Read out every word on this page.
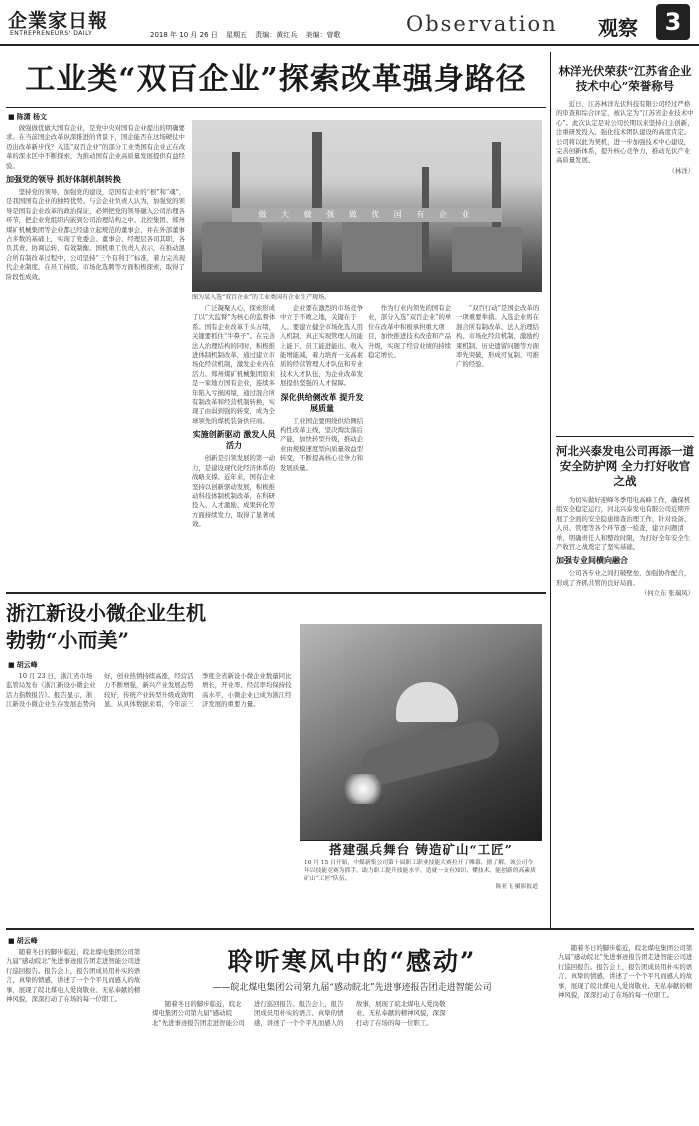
企業家日報
ENTREPRENEURS' DAILY	2018 年 10 月 26 日 星期五 责编：黄红兵 美编：曾歌	Observation 观察	3
工业类“双百企业”探索改革强身路径
■ 陈潇 杨文

做强做优做大国有企业，是党中央对国有企业提出的明确要求。在当前国企改革纵深推进的背景下，国企能否在这场硬仗中迈出改革新步伐？入选“双百企业”的部分工业类国有企业正在改革的深水区中不断探索，为推动国有企业高质量发展提供有益经验。

加强党的领导 抓好体制机制转换

坚持党的领导、加强党的建设，是国有企业的“根”和“魂”，是我国国有企业的独特优势。与会企业负责人认为，加强党的领导是国有企业改革的政治保证，必须把党的领导融入公司治理各环节，把企业党组织内嵌到公司治理结构之中。北控集团、郑州煤矿机械集团等企业都已经建立起规范的董事会，并在外部董事占多数的基础上，实现了党委会、董事会、经理层各司其职、各负其责、协调运转、有效制衡。国机重工负责人表示，在推动混合所有制改革过程中，公司坚持“三个有利于”标准，着力完善现代企业制度，在员工持股、市场化选聘等方面积极探索，取得了阶段性成效。

做 大 做 强 做 优 国 有 企 业
图为某入选“双百企业”的工业类国有企业生产现场。

广泛凝聚人心，探索形成了以“大监督”为核心的监督体系。国有企业改革千头万绪，关键要抓住“牛鼻子”。在完善法人治理结构的同时，积极推进体制机制改革，通过建立市场化经营机制，激发企业内在活力。郑州煤矿机械集团原来是一家地方国有企业，连续多年陷入亏损困境，通过混合所有制改革和经营机制转换，实现了由弱到强的转变，成为全球领先的煤机装备供应商。

实施创新驱动 激发人员活力

创新是引领发展的第一动力，是建设现代化经济体系的战略支撑。近年来，国有企业坚持以创新驱动发展，积极推动科技体制机制改革，在科研投入、人才激励、成果转化等方面持续发力，取得了显著成效。

企业要在激烈的市场竞争中立于不败之地，关键在于人。要建立健全市场化选人用人机制，真正实现管理人员能上能下、员工能进能出、收入能增能减，着力培育一支高素质的经营管理人才队伍和专业技术人才队伍，为企业改革发展提供坚强的人才保障。

深化供给侧改革 提升发展质量

工业国企要围绕供给侧结构性改革主线，坚决淘汰落后产能，加快转型升级，推动企业由规模速度型向质量效益型转变，不断提高核心竞争力和发展质量。

作为行业内领先的国有企业，部分入选“双百企业”的单位在改革中积极承担重大项目，加快推进技术改造和产品升级，实现了经营业绩的持续稳定增长。

“双百行动”是国企改革的一项重要举措。入选企业将在混合所有制改革、法人治理结构、市场化经营机制、激励约束机制、历史遗留问题等方面率先突破，形成可复制、可推广的经验。

林洋光伏荣获“江苏省企业技术中心”荣誉称号

近日，江苏林洋光伏科技有限公司经过严格的审查和综合评定，被认定为“江苏省企业技术中心”。此次认定是对公司长期以来坚持自主创新、注重研发投入、强化技术团队建设的高度肯定。公司将以此为契机，进一步加强技术中心建设，完善创新体系，提升核心竞争力，推动光伏产业高质量发展。

（林洋）

河北兴泰发电公司再添一道安全防护网 全力打好收官之战

为切实做好迎峰冬季用电高峰工作，确保机组安全稳定运行，河北兴泰发电有限公司近期开展了全面的安全隐患排查治理工作，针对设备、人员、管理等各个环节逐一检查，建立问题清单，明确责任人和整改时限，为打好全年安全生产收官之战奠定了坚实基础。

加强专业间横向融合

公司各专业之间打破壁垒，加强协作配合，形成了齐抓共管的良好局面。

（何立东 张瑞凤）

浙江新设小微企业生机勃勃“小而美”
■ 胡云峰

10 月 23 日，浙江省市场监管局发布《浙江新设小微企业活力指数报告》。报告显示，浙江新设小微企业生存发展态势向好，创业热情持续高涨，经营活力不断增强，新兴产业发展态势较好，传统产业转型升级成效明显。从具体数据来看，今年前三季度全省新设小微企业数量同比增长，开业率、经营率均保持较高水平，小微企业已成为浙江经济发展的重要力量。

搭建强兵舞台 铸造矿山“工匠”
10 月 15 日开始，中煤新集公司第十届职工职业技能大赛拉开了帷幕，据了解，该公司今年以技能竞赛为抓手，助力职工提升技能水平，造就一支有知识、懂技术、能创新的高素质矿山“工匠”队伍。
陈亚飞 摄影报道
■ 胡云峰

随着冬日的脚步临近，皖北煤电集团公司第九届“感动皖北”先进事迹报告团走进智能公司进行巡回报告。报告会上，报告团成员用朴实的语言、真挚的情感，讲述了一个个平凡而感人的故事，展现了皖北煤电人爱岗敬业、无私奉献的精神风貌，深深打动了在场的每一位职工。

聆听寒风中的“感动”
——皖北煤电集团公司第九届“感动皖北”先进事迹报告团走进智能公司

随着冬日的脚步临近，皖北煤电集团公司第九届“感动皖北”先进事迹报告团走进智能公司进行巡回报告。报告会上，报告团成员用朴实的语言、真挚的情感，讲述了一个个平凡而感人的故事，展现了皖北煤电人爱岗敬业、无私奉献的精神风貌，深深打动了在场的每一位职工。

随着冬日的脚步临近，皖北煤电集团公司第九届“感动皖北”先进事迹报告团走进智能公司进行巡回报告。报告会上，报告团成员用朴实的语言、真挚的情感，讲述了一个个平凡而感人的故事，展现了皖北煤电人爱岗敬业、无私奉献的精神风貌，深深打动了在场的每一位职工。
